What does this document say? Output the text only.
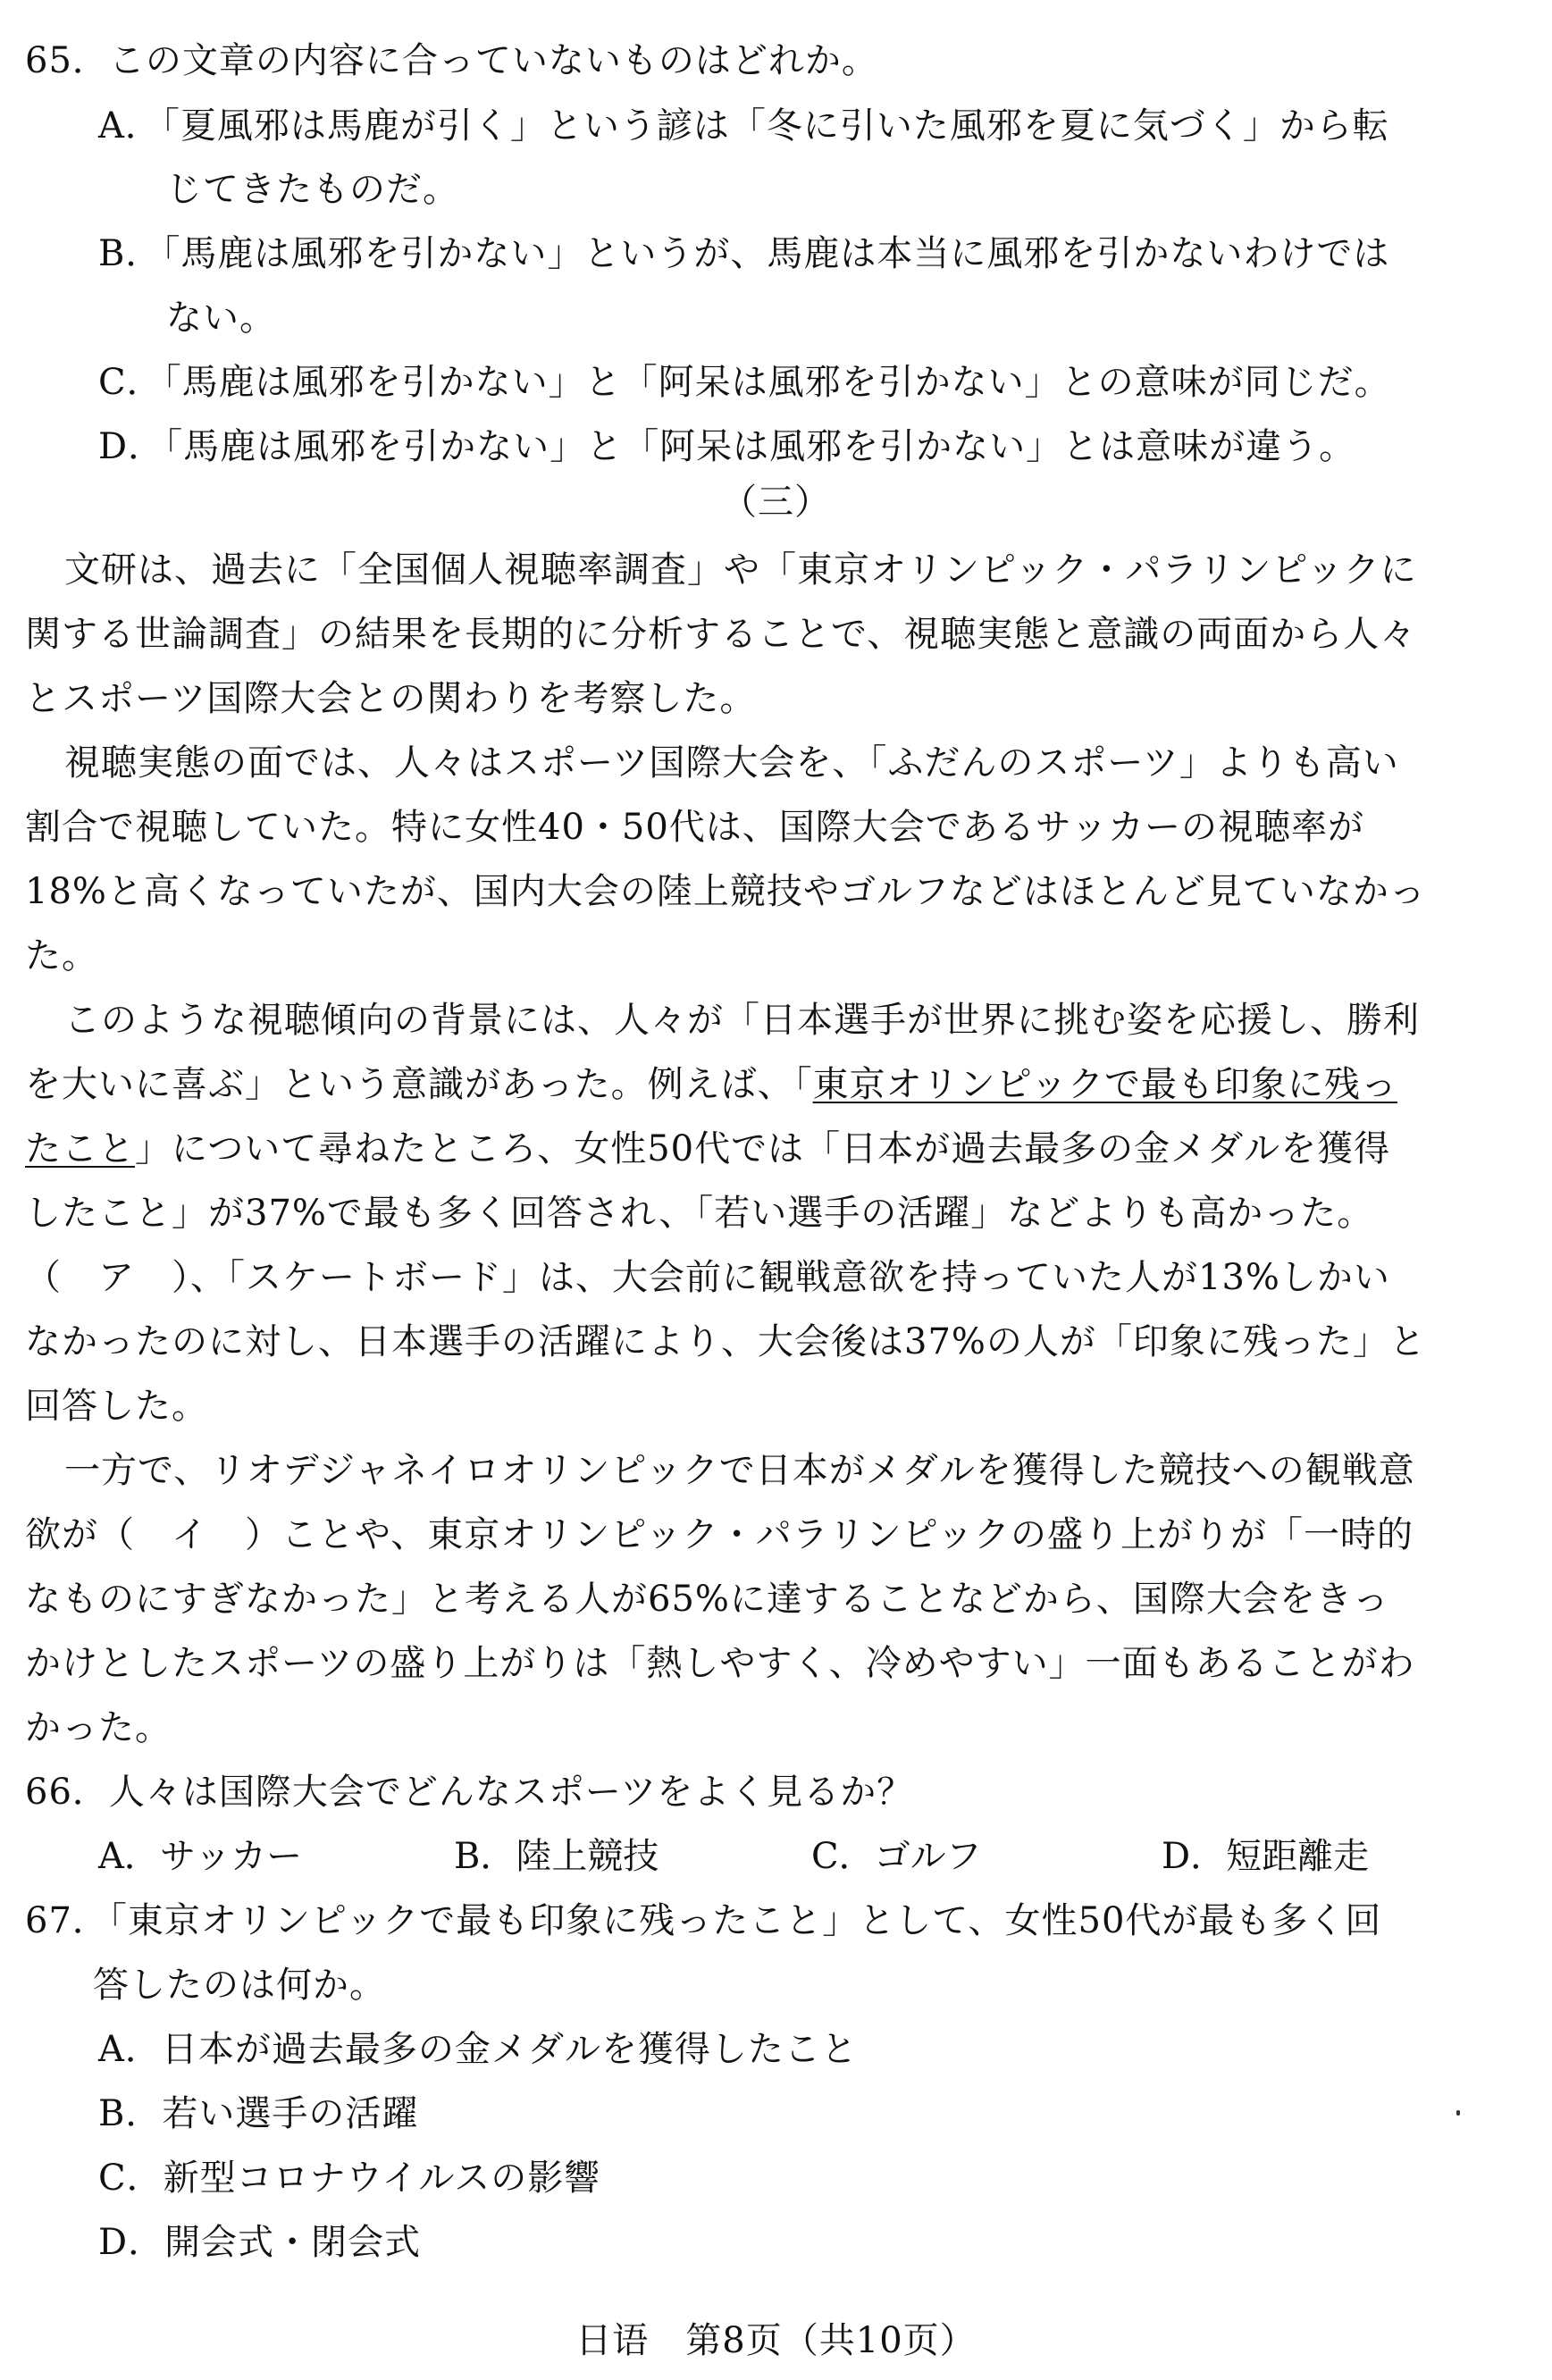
65．この文章の内容に合っていないものはどれか。
A．「夏風邪は馬鹿が引く」という諺は「冬に引いた風邪を夏に気づく」から転
じてきたものだ。
B．「馬鹿は風邪を引かない」というが、馬鹿は本当に風邪を引かないわけでは
ない。
C．「馬鹿は風邪を引かない」と「阿呆は風邪を引かない」との意味が同じだ。
D．「馬鹿は風邪を引かない」と「阿呆は風邪を引かない」とは意味が違う。
（三）
文研は、過去に「全国個人視聴率調査」や「東京オリンピック・パラリンピックに
関する世論調査」の結果を長期的に分析することで、視聴実態と意識の両面から人々
とスポーツ国際大会との関わりを考察した。
視聴実態の面では、人々はスポーツ国際大会を、「ふだんのスポーツ」よりも高い
割合で視聴していた。特に女性40・50代は、国際大会であるサッカーの視聴率が
18%と高くなっていたが、国内大会の陸上競技やゴルフなどはほとんど見ていなかっ
た。
このような視聴傾向の背景には、人々が「日本選手が世界に挑む姿を応援し、勝利
を大いに喜ぶ」という意識があった。例えば、「東京オリンピックで最も印象に残っ
たこと」について尋ねたところ、女性50代では「日本が過去最多の金メダルを獲得
したこと」が37%で最も多く回答され、「若い選手の活躍」などよりも高かった。
（　ア　）、「スケートボード」は、大会前に観戦意欲を持っていた人が13%しかい
なかったのに対し、日本選手の活躍により、大会後は37%の人が「印象に残った」と
回答した。
一方で、リオデジャネイロオリンピックで日本がメダルを獲得した競技への観戦意
欲が（　イ　）ことや、東京オリンピック・パラリンピックの盛り上がりが「一時的
なものにすぎなかった」と考える人が65%に達することなどから、国際大会をきっ
かけとしたスポーツの盛り上がりは「熱しやすく、冷めやすい」一面もあることがわ
かった。
66．人々は国際大会でどんなスポーツをよく見るか？
A．サッカー	B．陸上競技	C．ゴルフ	D．短距離走
67．「東京オリンピックで最も印象に残ったこと」として、女性50代が最も多く回
答したのは何か。
A．日本が過去最多の金メダルを獲得したこと
B．若い選手の活躍
C．新型コロナウイルスの影響
D．開会式・閉会式
日语　第8页（共10页）
